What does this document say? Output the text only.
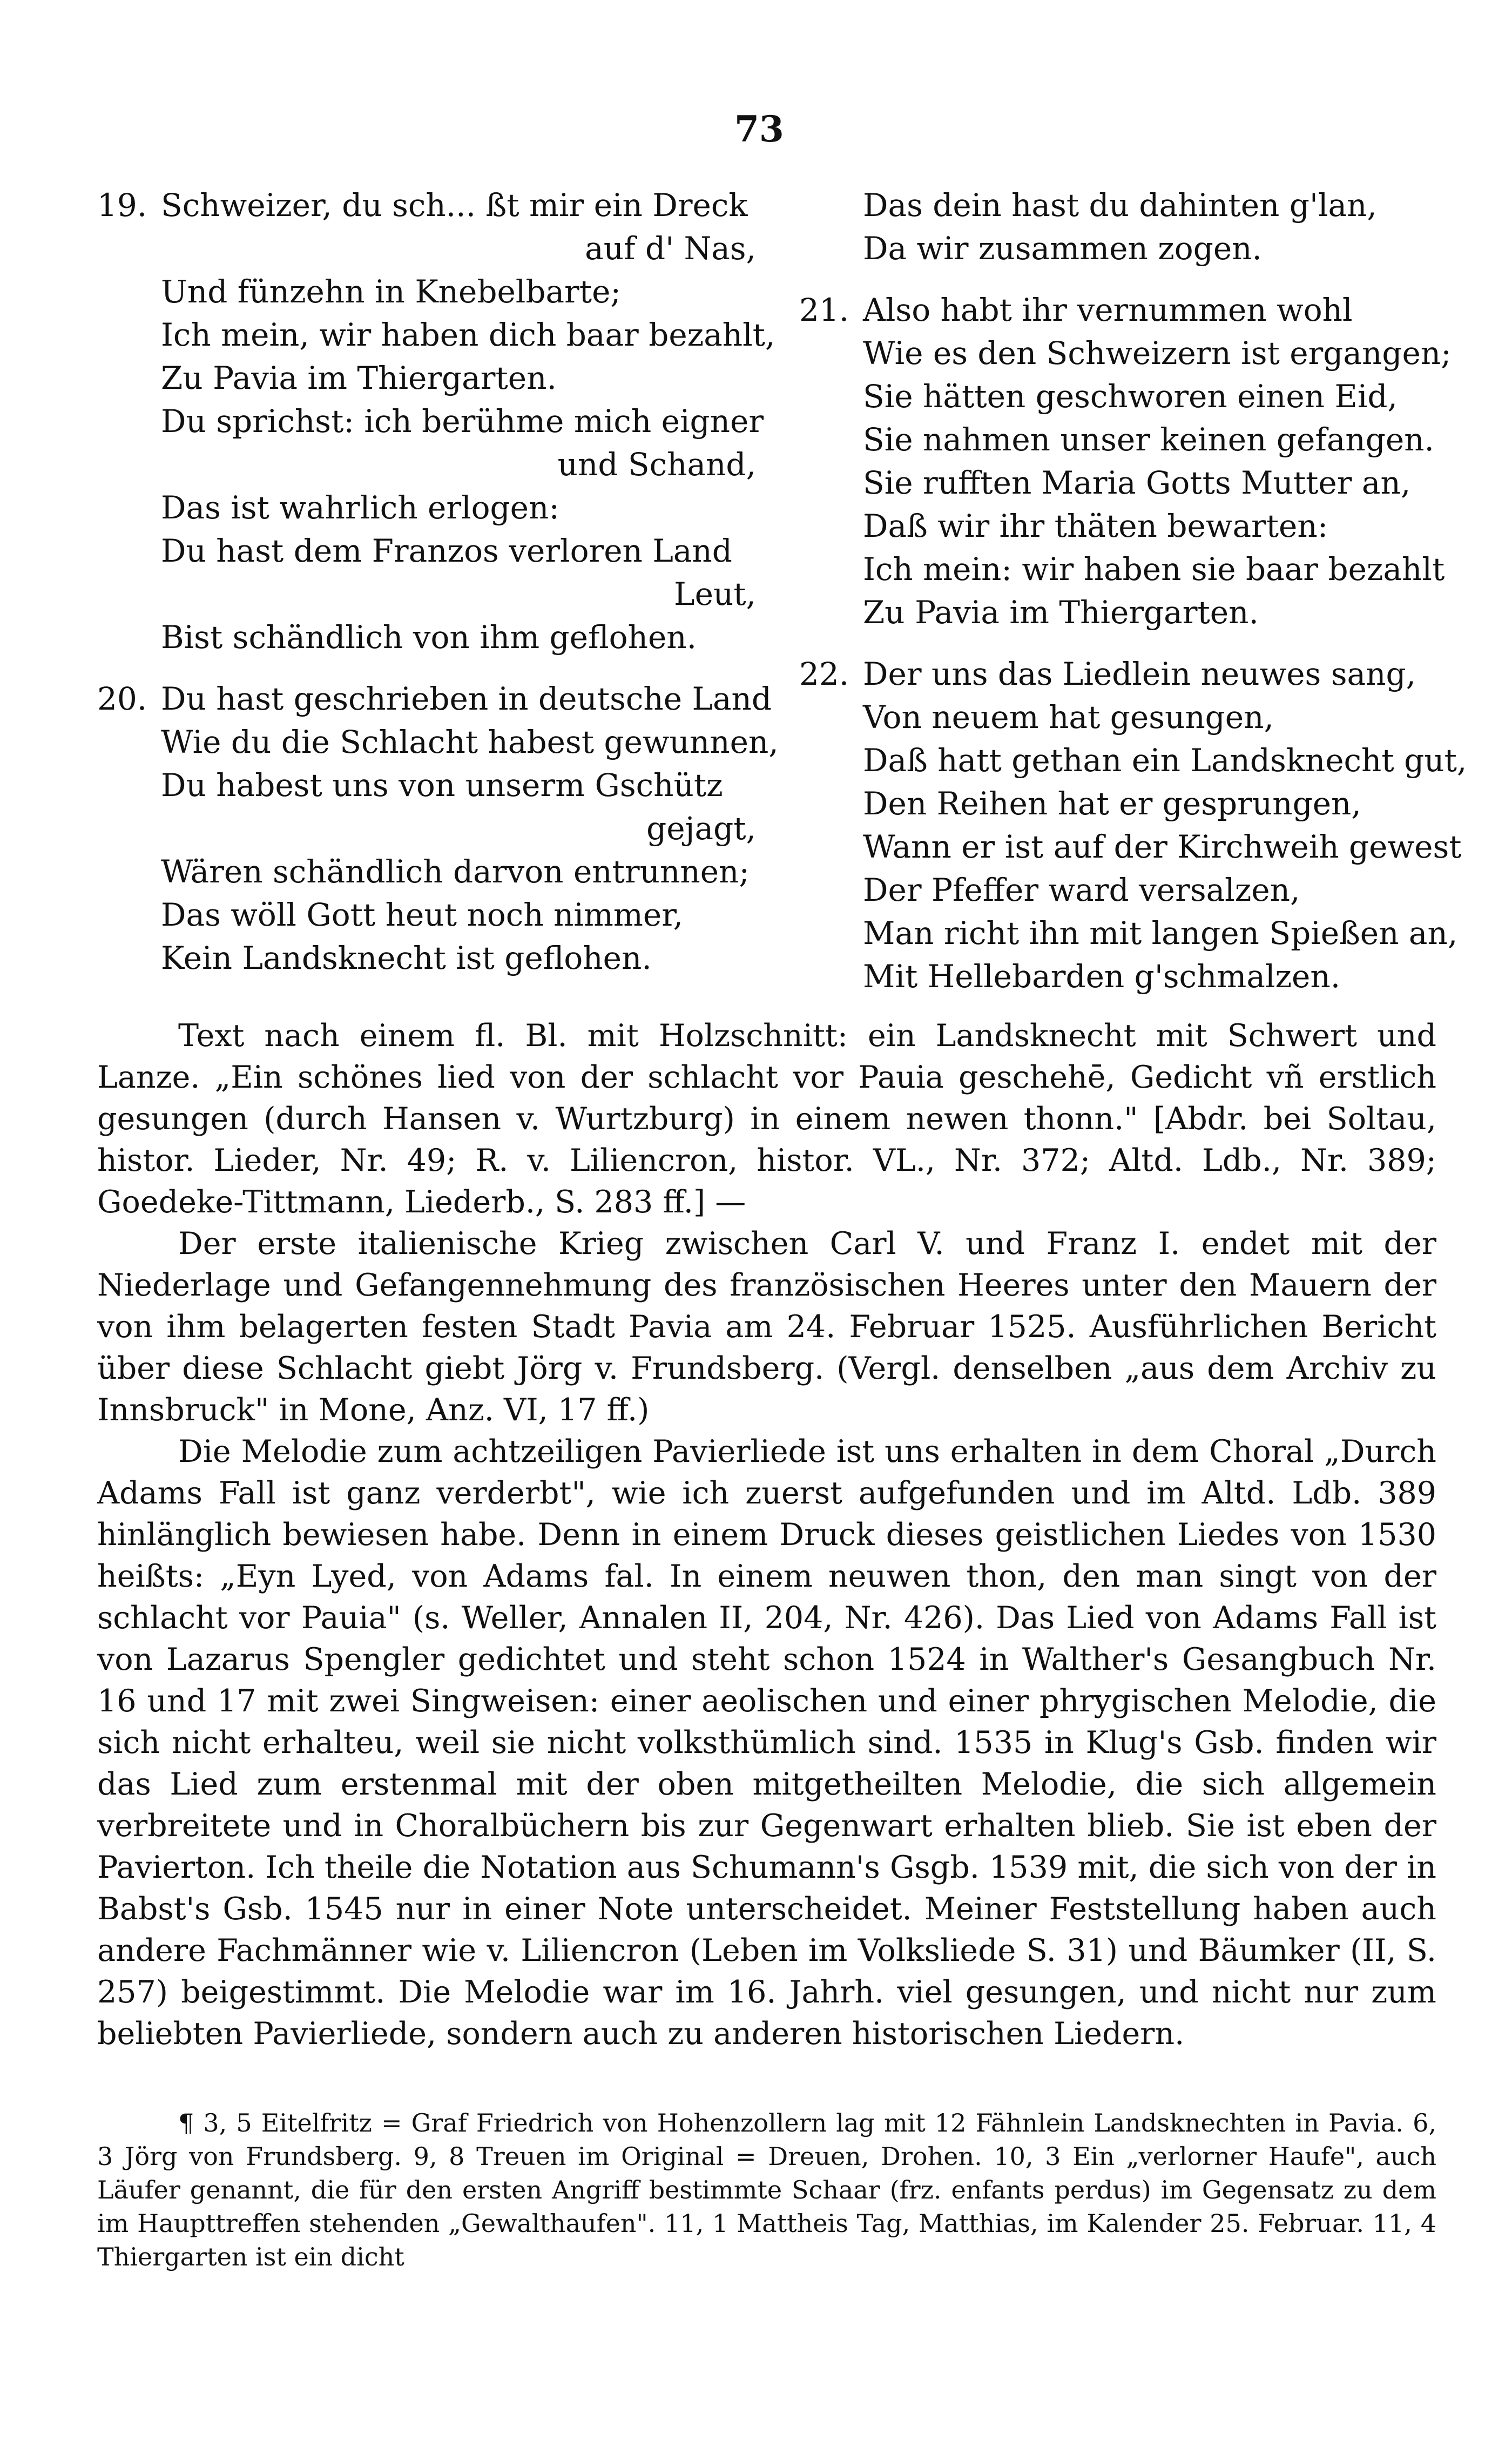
73
19. Schweizer, du sch... ßt mir ein Dreck
auf d' Nas,
Und fünzehn in Knebelbarte;
Ich mein, wir haben dich baar bezahlt,
Zu Pavia im Thiergarten.
Du sprichst: ich berühme mich eigner
und Schand,
Das ist wahrlich erlogen:
Du hast dem Franzos verloren Land
Leut,
Bist schändlich von ihm geflohen.
20. Du hast geschrieben in deutsche Land
Wie du die Schlacht habest gewunnen,
Du habest uns von unserm Gschütz
gejagt,
Wären schändlich darvon entrunnen;
Das wöll Gott heut noch nimmer,
Kein Landsknecht ist geflohen.
Das dein hast du dahinten g'lan,
Da wir zusammen zogen.
21. Also habt ihr vernummen wohl
Wie es den Schweizern ist ergangen;
Sie hätten geschworen einen Eid,
Sie nahmen unser keinen gefangen.
Sie rufften Maria Gotts Mutter an,
Daß wir ihr thäten bewarten:
Ich mein: wir haben sie baar bezahlt
Zu Pavia im Thiergarten.
22. Der uns das Liedlein neuwes sang,
Von neuem hat gesungen,
Daß hatt gethan ein Landsknecht gut,
Den Reihen hat er gesprungen,
Wann er ist auf der Kirchweih gewest
Der Pfeffer ward versalzen,
Man richt ihn mit langen Spießen an,
Mit Hellebarden g'schmalzen.

Text nach einem fl. Bl. mit Holzschnitt: ein Landsknecht mit Schwert und Lanze. „Ein schönes lied von der schlacht vor Pauia geschehē, Gedicht vñ erstlich gesungen (durch Hansen v. Wurtzburg) in einem newen thonn." [Abdr. bei Soltau, histor. Lieder, Nr. 49; R. v. Liliencron, histor. VL., Nr. 372; Altd. Ldb., Nr. 389; Goedeke-Tittmann, Liederb., S. 283 ff.] —

Der erste italienische Krieg zwischen Carl V. und Franz I. endet mit der Niederlage und Gefangennehmung des französischen Heeres unter den Mauern der von ihm belagerten festen Stadt Pavia am 24. Februar 1525. Ausführlichen Bericht über diese Schlacht giebt Jörg v. Frundsberg. (Vergl. denselben „aus dem Archiv zu Innsbruck" in Mone, Anz. VI, 17 ff.)

Die Melodie zum achtzeiligen Pavierliede ist uns erhalten in dem Choral „Durch Adams Fall ist ganz verderbt", wie ich zuerst aufgefunden und im Altd. Ldb. 389 hinlänglich bewiesen habe. Denn in einem Druck dieses geistlichen Liedes von 1530 heißts: „Eyn Lyed, von Adams fal. In einem neuwen thon, den man singt von der schlacht vor Pauia" (s. Weller, Annalen II, 204, Nr. 426). Das Lied von Adams Fall ist von Lazarus Spengler gedichtet und steht schon 1524 in Walther's Gesangbuch Nr. 16 und 17 mit zwei Singweisen: einer aeolischen und einer phrygischen Melodie, die sich nicht erhalteu, weil sie nicht volksthümlich sind. 1535 in Klug's Gsb. finden wir das Lied zum erstenmal mit der oben mitgetheilten Melodie, die sich allgemein verbreitete und in Choralbüchern bis zur Gegenwart erhalten blieb. Sie ist eben der Pavierton. Ich theile die Notation aus Schumann's Gsgb. 1539 mit, die sich von der in Babst's Gsb. 1545 nur in einer Note unterscheidet. Meiner Feststellung haben auch andere Fachmänner wie v. Liliencron (Leben im Volksliede S. 31) und Bäumker (II, S. 257) beigestimmt. Die Melodie war im 16. Jahrh. viel gesungen, und nicht nur zum beliebten Pavierliede, sondern auch zu anderen historischen Liedern.

¶ 3, 5 Eitelfritz = Graf Friedrich von Hohenzollern lag mit 12 Fähnlein Landsknechten in Pavia. 6, 3 Jörg von Frundsberg. 9, 8 Treuen im Original = Dreuen, Drohen. 10, 3 Ein „verlorner Haufe", auch Läufer genannt, die für den ersten Angriff bestimmte Schaar (frz. enfants perdus) im Gegensatz zu dem im Haupttreffen stehenden „Gewalthaufen". 11, 1 Mattheis Tag, Matthias, im Kalender 25. Februar. 11, 4 Thiergarten ist ein dicht
